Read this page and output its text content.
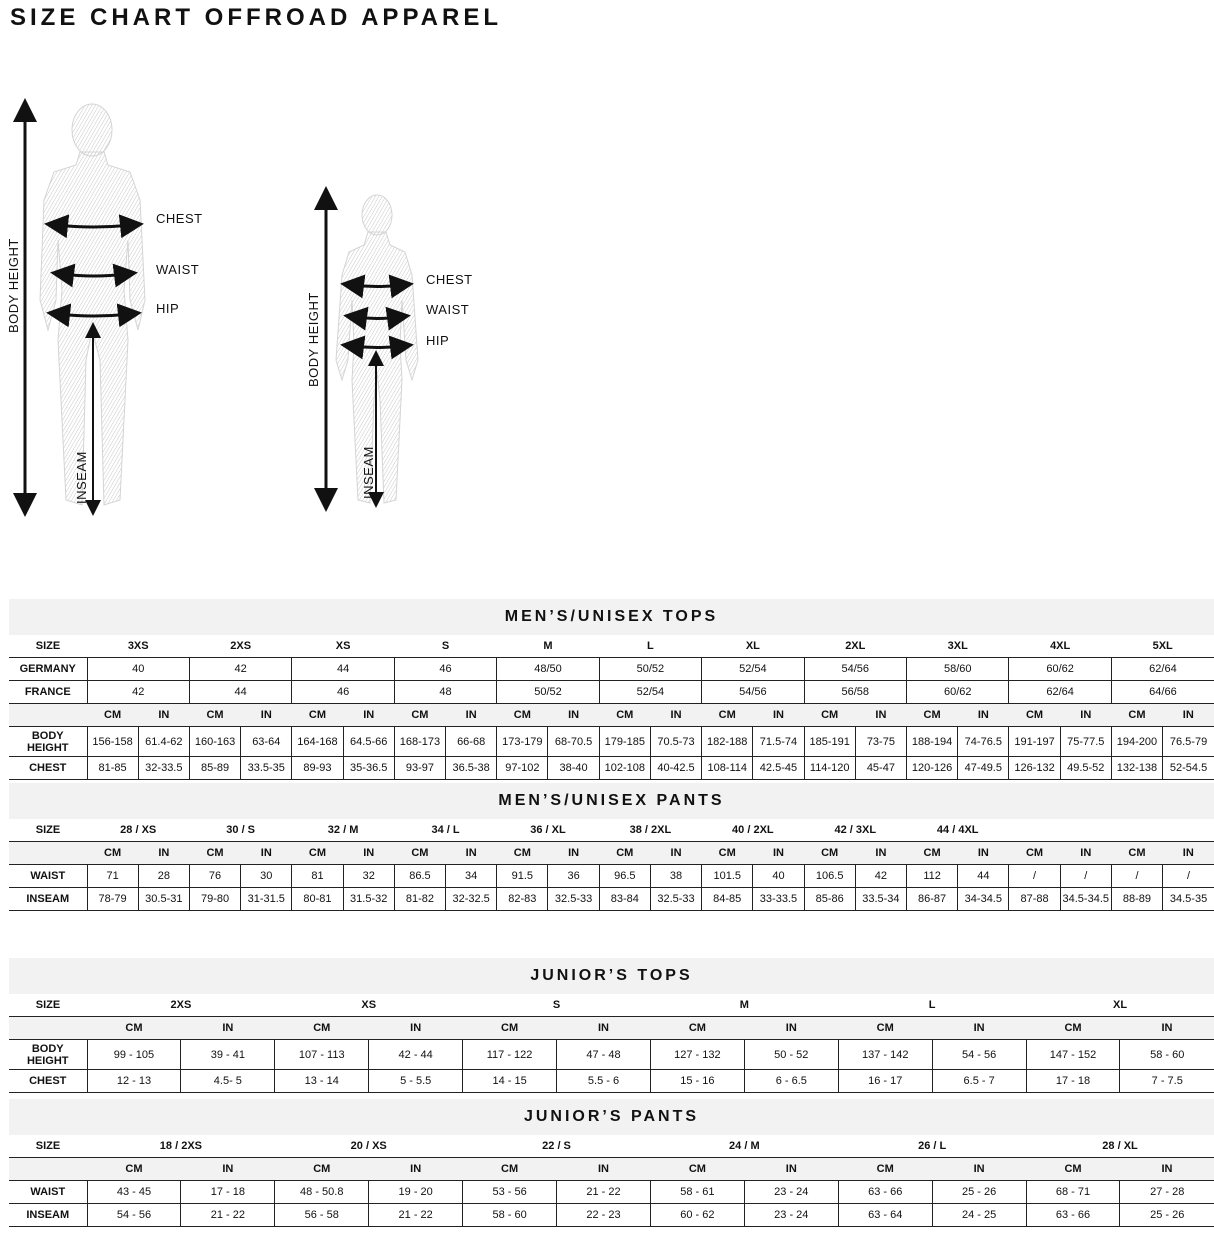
SIZE CHART OFFROAD APPAREL
CHEST
WAIST
HIP
BODY HEIGHT
INSEAM
CHEST
WAIST
HIP
BODY HEIGHT
INSEAM
MEN’S/UNISEX TOPS																						
SIZE	3XS		2XS		XS		S		M		L		XL		2XL		3XL		4XL		5XL	
GERMANY	40		42		44		46		48/50		50/52		52/54		54/56		58/60		60/62		62/64	
FRANCE	42		44		46		48		50/52		52/54		54/56		56/58		60/62		62/64		64/66	
	CM	IN	CM	IN	CM	IN	CM	IN	CM	IN	CM	IN	CM	IN	CM	IN	CM	IN	CM	IN	CM	IN

BODY
HEIGHT	156-158	61.4-62	160-163	63-64	164-168	64.5-66	168-173	66-68	173-179	68-70.5	179-185	70.5-73	182-188	71.5-74	185-191	73-75	188-194	74-76.5	191-197	75-77.5	194-200	76.5-79
CHEST	81-85	32-33.5	85-89	33.5-35	89-93	35-36.5	93-97	36.5-38	97-102	38-40	102-108	40-42.5	108-114	42.5-45	114-120	45-47	120-126	47-49.5	126-132	49.5-52	132-138	52-54.5
MEN’S/UNISEX PANTS																						
SIZE	28 / XS		30 / S		32 / M		34 / L		36 / XL		38 / 2XL		40 / 2XL		42 / 3XL		44 / 4XL					
	CM	IN	CM	IN	CM	IN	CM	IN	CM	IN	CM	IN	CM	IN	CM	IN	CM	IN	CM	IN	CM	IN
WAIST	71	28	76	30	81	32	86.5	34	91.5	36	96.5	38	101.5	40	106.5	42	112	44	/	/	/	/
INSEAM	78-79	30.5-31	79-80	31-31.5	80-81	31.5-32	81-82	32-32.5	82-83	32.5-33	83-84	32.5-33	84-85	33-33.5	85-86	33.5-34	86-87	34-34.5	87-88	34.5-34.5	88-89	34.5-35
JUNIOR’S TOPS												
SIZE	2XS		XS		S		M		L		XL	
	CM	IN	CM	IN	CM	IN	CM	IN	CM	IN	CM	IN

BODY
HEIGHT	99 - 105	39 - 41	107 - 113	42 - 44	117 - 122	47 - 48	127 - 132	50 - 52	137 - 142	54 - 56	147 - 152	58 - 60
CHEST	12 - 13	4.5- 5	13 - 14	5 - 5.5	14 - 15	5.5 - 6	15 - 16	6 - 6.5	16 - 17	6.5 - 7	17 - 18	7 - 7.5
JUNIOR’S PANTS												
SIZE	18 / 2XS		20 / XS		22 / S		24 / M		26 / L		28 / XL	
	CM	IN	CM	IN	CM	IN	CM	IN	CM	IN	CM	IN
WAIST	43 - 45	17 - 18	48 - 50.8	19 - 20	53 - 56	21 - 22	58 - 61	23 - 24	63 - 66	25 - 26	68 - 71	27 - 28
INSEAM	54 - 56	21 - 22	56 - 58	21 - 22	58 - 60	22 - 23	60 - 62	23 - 24	63 - 64	24 - 25	63 - 66	25 - 26
